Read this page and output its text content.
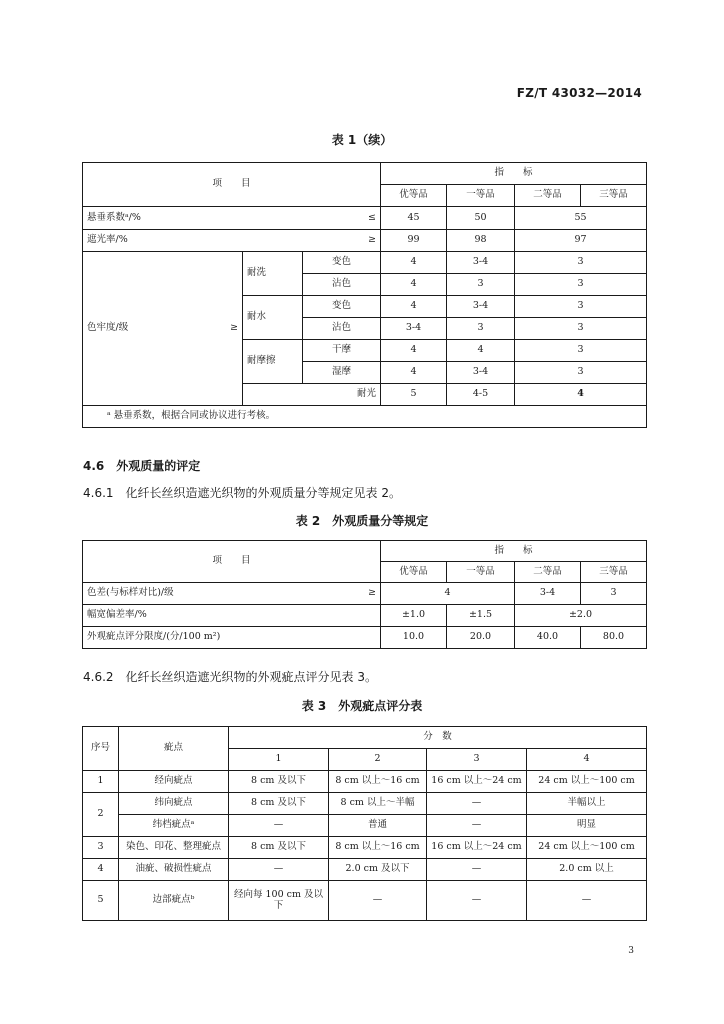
FZ/T 43032—2014
表 1（续）
项　　目			指　　标			
			优等品	一等品	二等品	三等品

悬垂系数ᵃ/% ≤			45	50	55	

遮光率/% ≥			99	98	97	

色牢度/级 ≥	耐洗	变色	4	3-4	3	
		沾色	4	3	3	
	耐水	变色	4	3-4	3	
		沾色	3-4	3	3	
	耐摩擦	干摩	4	4	3	
		湿摩	4	3-4	3	
	耐光		5	4-5	4	
ᵃ 悬垂系数，根据合同或协议进行考核。						
4.6　外观质量的评定
4.6.1　化纤长丝织造遮光织物的外观质量分等规定见表 2。
表 2　外观质量分等规定
项　　目	指　　标			
	优等品	一等品	二等品	三等品

色差(与标样对比)/级 ≥	4		3-4	3
幅宽偏差率/%	±1.0	±1.5	±2.0	
外观疵点评分限度/(分/100 m²)	10.0	20.0	40.0	80.0
4.6.2　化纤长丝织造遮光织物的外观疵点评分见表 3。
表 3　外观疵点评分表
序号	疵点	分　数			
		1	2	3	4
1	经向疵点	8 cm 及以下	8 cm 以上～16 cm	16 cm 以上～24 cm	24 cm 以上～100 cm
2	纬向疵点	8 cm 及以下	8 cm 以上～半幅	—	半幅以上
	纬档疵点ᵃ	—	普通	—	明显
3	染色、印花、整理疵点	8 cm 及以下	8 cm 以上～16 cm	16 cm 以上～24 cm	24 cm 以上～100 cm
4	油疵、破损性疵点	—	2.0 cm 及以下	—	2.0 cm 以上
5	边部疵点ᵇ	经向每 100 cm 及以下	—	—	—
3
